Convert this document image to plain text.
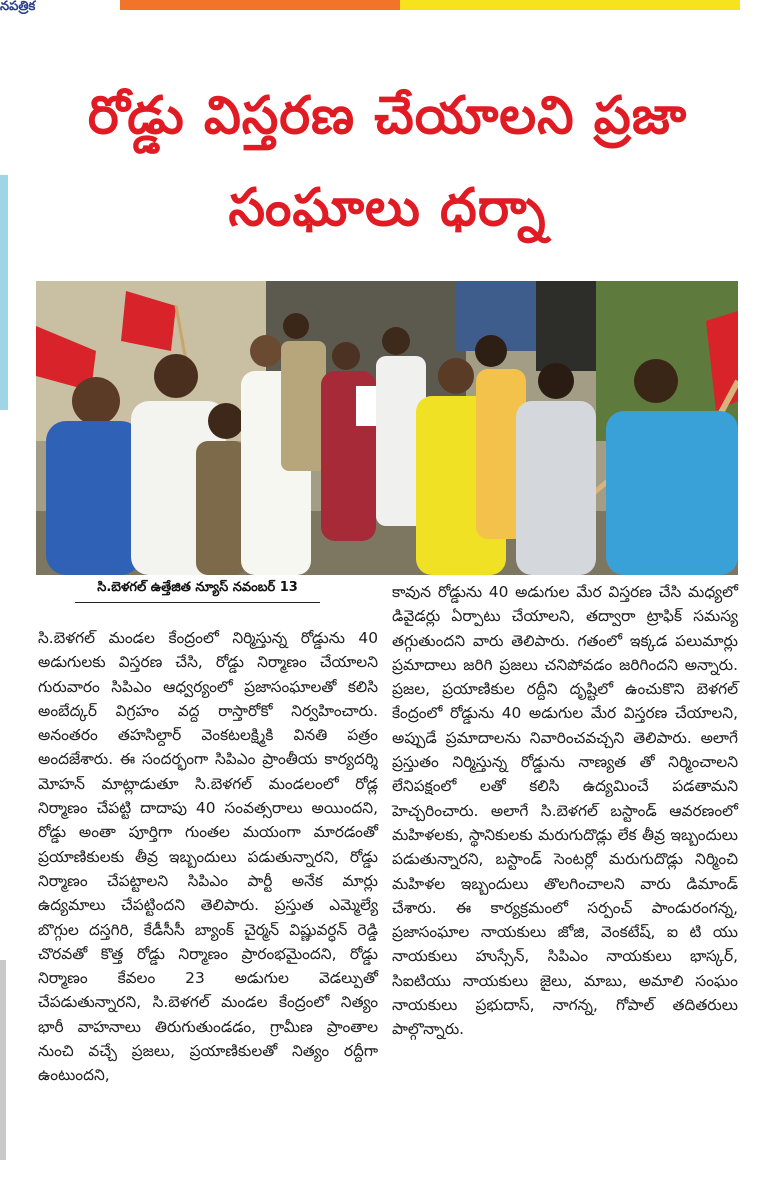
నపత్రిక
రోడ్డు విస్తరణ చేయాలని ప్రజా సంఘాలు ధర్నా
సి.బెళగల్ ఉత్తేజిత న్యూస్ నవంబర్ 13

సి.బెళగల్ మండల కేంద్రంలో నిర్మిస్తున్న రోడ్డును 40 అడుగులకు విస్తరణ చేసి, రోడ్డు నిర్మాణం చేయాలని గురువారం సిపిఎం ఆధ్వర్యంలో ప్రజాసంఘాలతో కలిసి అంబేద్కర్ విగ్రహం వద్ద రాస్తారోకో నిర్వహించారు. అనంతరం తహసిల్దార్ వెంకటలక్ష్మికి వినతి పత్రం అందజేశారు. ఈ సందర్భంగా సిపిఎం ప్రాంతీయ కార్యదర్శి మోహన్ మాట్లాడుతూ సి.బెళగల్ మండలంలో రోడ్ల నిర్మాణం చేపట్టి దాదాపు 40 సంవత్సరాలు అయిందని, రోడ్డు అంతా పూర్తిగా గుంతల మయంగా మారడంతో ప్రయాణికులకు తీవ్ర ఇబ్బందులు పడుతున్నారని, రోడ్డు నిర్మాణం చేపట్టాలని సిపిఎం పార్టీ అనేక మార్లు ఉద్యమాలు చేపట్టిందని తెలిపారు. ప్రస్తుత ఎమ్మెల్యే బొగ్గుల దస్తగిరి, కేడీసీసీ బ్యాంక్ చైర్మన్ విష్ణువర్ధన్ రెడ్డి చొరవతో కొత్త రోడ్డు నిర్మాణం ప్రారంభమైందని, రోడ్డు నిర్మాణం కేవలం 23 అడుగుల వెడల్పుతో చేపడుతున్నారని, సి.బెళగల్ మండల కేంద్రంలో నిత్యం భారీ వాహనాలు తిరుగుతుండడం, గ్రామీణ ప్రాంతాల నుంచి వచ్చే ప్రజలు, ప్రయాణికులతో నిత్యం రద్దీగా ఉంటుందని,

కావున రోడ్డును 40 అడుగుల మేర విస్తరణ చేసి మధ్యలో డివైడర్లు ఏర్పాటు చేయాలని, తద్వారా ట్రాఫిక్ సమస్య తగ్గుతుందని వారు తెలిపారు. గతంలో ఇక్కడ పలుమార్లు ప్రమాదాలు జరిగి ప్రజలు చనిపోవడం జరిగిందని అన్నారు. ప్రజల, ప్రయాణికుల రద్దీని దృష్టిలో ఉంచుకొని బెళగల్ కేంద్రంలో రోడ్డును 40 అడుగుల మేర విస్తరణ చేయాలని, అప్పుడే ప్రమాదాలను నివారించవచ్చని తెలిపారు. అలాగే ప్రస్తుతం నిర్మిస్తున్న రోడ్డును నాణ్యత తో నిర్మించాలని లేనిపక్షంలో లతో కలిసి ఉద్యమించే పడతామని హెచ్చరించారు. అలాగే సి.బెళగల్ బస్టాండ్ ఆవరణంలో మహిళలకు, స్థానికులకు మరుగుదొడ్లు లేక తీవ్ర ఇబ్బందులు పడుతున్నారని, బస్టాండ్ సెంటర్లో మరుగుదొడ్లు నిర్మించి మహిళల ఇబ్బందులు తొలగించాలని వారు డిమాండ్ చేశారు. ఈ కార్యక్రమంలో సర్పంచ్ పాండురంగన్న, ప్రజాసంఘాల నాయకులు జోజి, వెంకటేష్, ఐ టి యు నాయకులు హుస్సేన్, సిపిఎం నాయకులు భాస్కర్, సిఐటియు నాయకులు జైలు, మాబు, అమాలి సంఘం నాయకులు ప్రభుదాస్, నాగన్న, గోపాల్ తదితరులు పాల్గొన్నారు.
